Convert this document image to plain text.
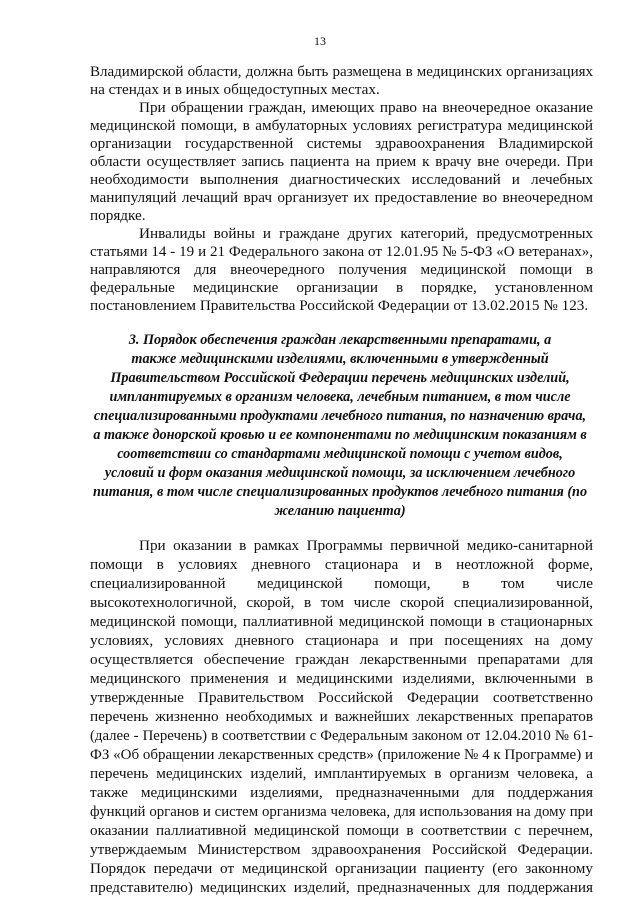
13
Владимирской области, должна быть размещена в медицинских организациях
на стендах и в иных общедоступных местах.
При обращении граждан, имеющих право на внеочередное оказание
медицинской помощи, в амбулаторных условиях регистратура медицинской
организации государственной системы здравоохранения Владимирской
области осуществляет запись пациента на прием к врачу вне очереди. При
необходимости выполнения диагностических исследований и лечебных
манипуляций лечащий врач организует их предоставление во внеочередном
порядке.
Инвалиды войны и граждане других категорий, предусмотренных
статьями 14 - 19 и 21 Федерального закона от 12.01.95 № 5-ФЗ «О ветеранах»,
направляются для внеочередного получения медицинской помощи в
федеральные медицинские организации в порядке, установленном
постановлением Правительства Российской Федерации от 13.02.2015 № 123.
3. Порядок обеспечения граждан лекарственными препаратами, а
также медицинскими изделиями, включенными в утвержденный
Правительством Российской Федерации перечень медицинских изделий,
имплантируемых в организм человека, лечебным питанием, в том числе
специализированными продуктами лечебного питания, по назначению врача,
а также донорской кровью и ее компонентами по медицинским показаниям в
соответствии со стандартами медицинской помощи с учетом видов,
условий и форм оказания медицинской помощи, за исключением лечебного
питания, в том числе специализированных продуктов лечебного питания (по
желанию пациента)
При оказании в рамках Программы первичной медико-санитарной
помощи в условиях дневного стационара и в неотложной форме,
специализированной медицинской помощи, в том числе
высокотехнологичной, скорой, в том числе скорой специализированной,
медицинской помощи, паллиативной медицинской помощи в стационарных
условиях, условиях дневного стационара и при посещениях на дому
осуществляется обеспечение граждан лекарственными препаратами для
медицинского применения и медицинскими изделиями, включенными в
утвержденные Правительством Российской Федерации соответственно
перечень жизненно необходимых и важнейших лекарственных препаратов
(далее - Перечень) в соответствии с Федеральным законом от 12.04.2010 № 61-
ФЗ «Об обращении лекарственных средств» (приложение № 4 к Программе) и
перечень медицинских изделий, имплантируемых в организм человека, а
также медицинскими изделиями, предназначенными для поддержания
функций органов и систем организма человека, для использования на дому при
оказании паллиативной медицинской помощи в соответствии с перечнем,
утверждаемым Министерством здравоохранения Российской Федерации.
Порядок передачи от медицинской организации пациенту (его законному
представителю) медицинских изделий, предназначенных для поддержания
